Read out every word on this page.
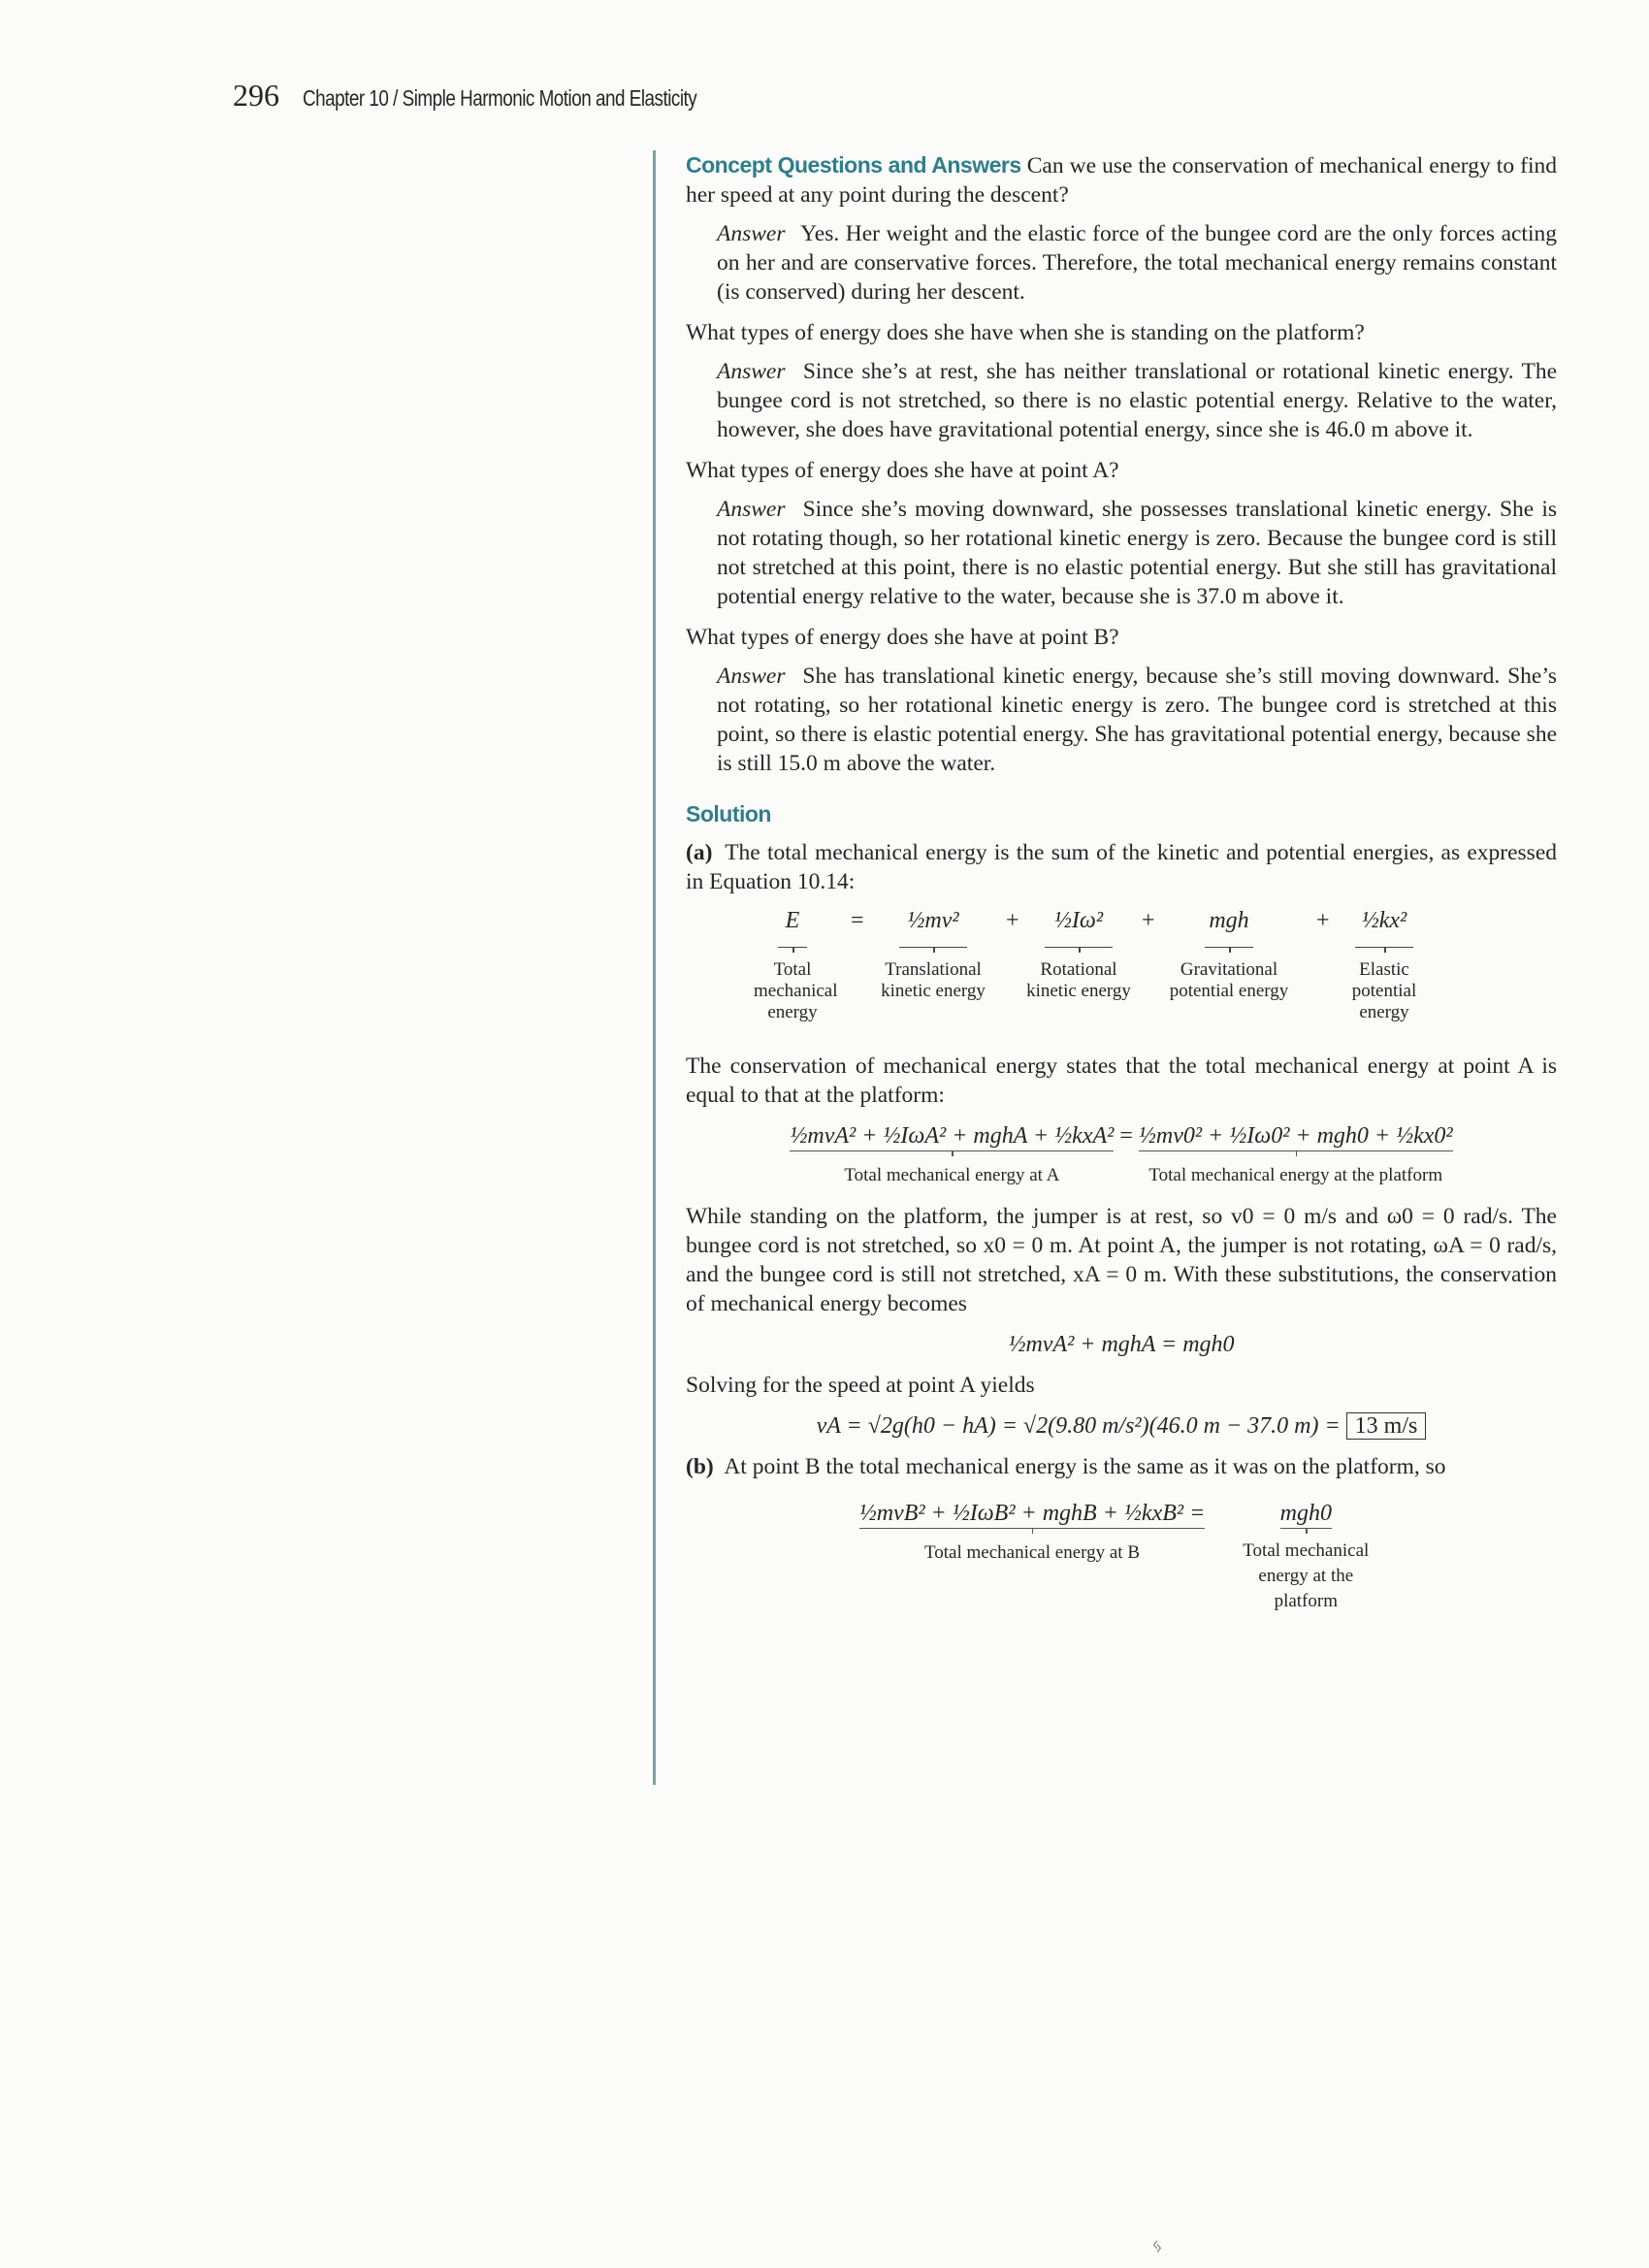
296 Chapter 10 / Simple Harmonic Motion and Elasticity

Concept Questions and Answers Can we use the conservation of mechanical energy to find her speed at any point during the descent?

Answer Yes. Her weight and the elastic force of the bungee cord are the only forces acting on her and are conservative forces. Therefore, the total mechanical energy remains constant (is conserved) during her descent.

What types of energy does she have when she is standing on the platform?

Answer Since she’s at rest, she has neither translational or rotational kinetic energy. The bungee cord is not stretched, so there is no elastic potential energy. Relative to the water, however, she does have gravitational potential energy, since she is 46.0 m above it.

What types of energy does she have at point A?

Answer Since she’s moving downward, she possesses translational kinetic energy. She is not rotating though, so her rotational kinetic energy is zero. Because the bungee cord is still not stretched at this point, there is no elastic potential energy. But she still has gravitational potential energy relative to the water, because she is 37.0 m above it.

What types of energy does she have at point B?

Answer She has translational kinetic energy, because she’s still moving downward. She’s not rotating, so her rotational kinetic energy is zero. The bungee cord is stretched at this point, so there is elastic potential energy. She has gravitational potential energy, because she is still 15.0 m above the water.

Solution

(a) The total mechanical energy is the sum of the kinetic and potential energies, as expressed in Equation 10.14:

E
Total mechanical energy
=	½mv²
Translational kinetic energy
+	½Iω²
Rotational kinetic energy
+	mgh
Gravitational potential energy
+	½kx²
Elastic potential energy

The conservation of mechanical energy states that the total mechanical energy at point A is equal to that at the platform:

½mvA² + ½IωA² + mghA + ½kxA²
Total mechanical energy at A
= ½mv0² + ½Iω0² + mgh0 + ½kx0²
Total mechanical energy at the platform

While standing on the platform, the jumper is at rest, so v0 = 0 m/s and ω0 = 0 rad/s. The bungee cord is not stretched, so x0 = 0 m. At point A, the jumper is not rotating, ωA = 0 rad/s, and the bungee cord is still not stretched, xA = 0 m. With these substitutions, the conservation of mechanical energy becomes

½mvA² + mghA = mgh0

Solving for the speed at point A yields

vA = √2g(h0 − hA) = √2(9.80 m/s²)(46.0 m − 37.0 m) = 13 m/s

(b) At point B the total mechanical energy is the same as it was on the platform, so

½mvB² + ½IωB² + mghB + ½kxB² =
Total mechanical energy at B
mgh0
Total mechanical energy at the platform
ᛃ
